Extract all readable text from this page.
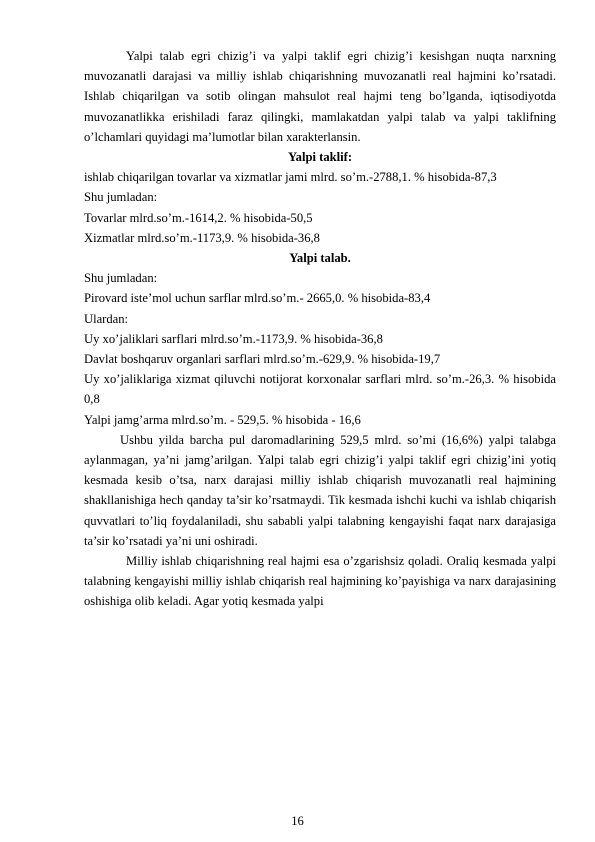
Yalpi talab egri chizig’i va yalpi taklif egri chizig’i kesishgan nuqta narxning muvozanatli darajasi va milliy ishlab chiqarishning muvozanatli real hajmini ko’rsatadi. Ishlab chiqarilgan va sotib olingan mahsulot real hajmi teng bo’lganda, iqtisodiyotda muvozanatlikka erishiladi faraz qilingki, mamlakatdan yalpi talab va yalpi taklifning o’lchamlari quyidagi ma’lumotlar bilan xarakterlansin.

Yalpi taklif:

ishlab chiqarilgan tovarlar va xizmatlar jami mlrd. so’m.-2788,1. % hisobida-87,3

Shu jumladan:

Tovarlar mlrd.so’m.-1614,2. % hisobida-50,5

Xizmatlar mlrd.so’m.-1173,9. % hisobida-36,8

Yalpi talab.

Shu jumladan:

Pirovard iste’mol uchun sarflar mlrd.so’m.- 2665,0. % hisobida-83,4

Ulardan:

Uy xo’jaliklari sarflari mlrd.so’m.-1173,9. % hisobida-36,8

Davlat boshqaruv organlari sarflari mlrd.so’m.-629,9. % hisobida-19,7

Uy xo’jaliklariga xizmat qiluvchi notijorat korxonalar sarflari mlrd. so’m.-26,3. % hisobida 0,8

Yalpi jamg’arma mlrd.so’m. - 529,5. % hisobida - 16,6

Ushbu yilda barcha pul daromadlarining 529,5 mlrd. so’mi (16,6%) yalpi talabga aylanmagan, ya’ni jamg’arilgan. Yalpi talab egri chizig’i yalpi taklif egri chizig’ini yotiq kesmada kesib o’tsa, narx darajasi milliy ishlab chiqarish muvozanatli real hajmining shakllanishiga hech qanday ta’sir ko’rsatmaydi. Tik kesmada ishchi kuchi va ishlab chiqarish quvvatlari to’liq foydalaniladi, shu sababli yalpi talabning kengayishi faqat narx darajasiga ta’sir ko’rsatadi ya’ni uni oshiradi.

Milliy ishlab chiqarishning real hajmi esa o’zgarishsiz qoladi. Oraliq kesmada yalpi talabning kengayishi milliy ishlab chiqarish real hajmining ko’payishiga va narx darajasining oshishiga olib keladi. Agar yotiq kesmada yalpi

16
